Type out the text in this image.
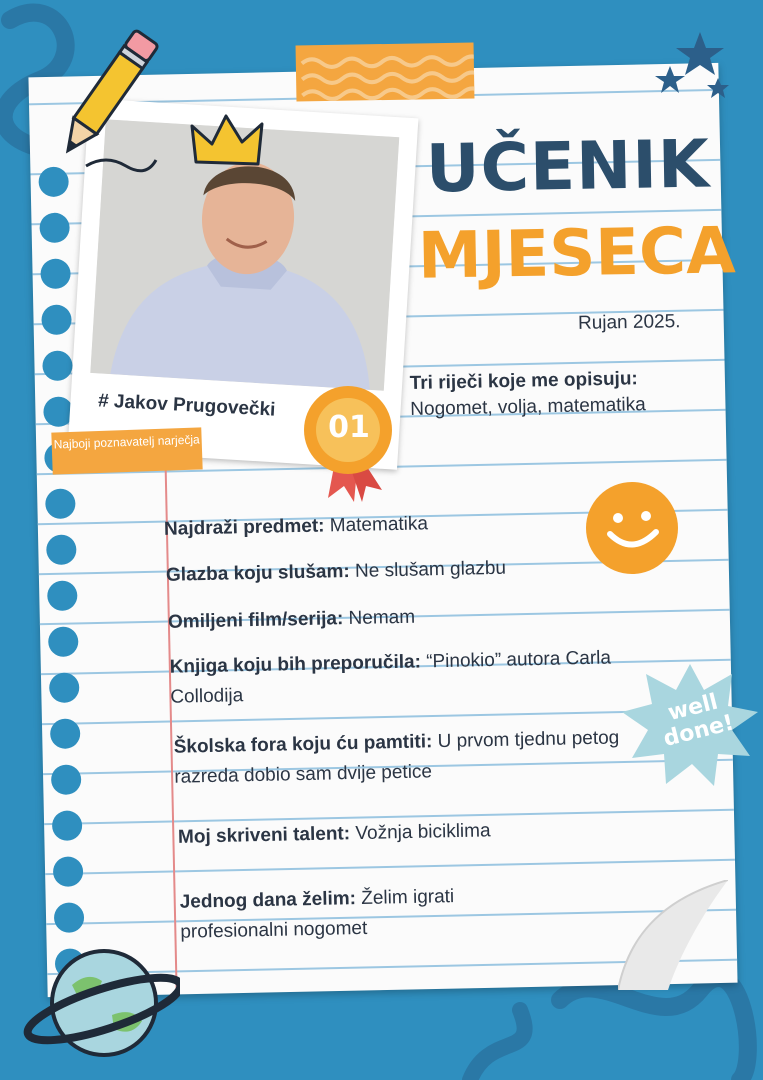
UČENIK
MJESECA
Rujan 2025.
# Jakov Prugovečki
Najboji poznavatelj narječja	01
Tri riječi koje me opisuju:
Nogomet, volja, matematika
Najdraži predmet: Matematika
Glazba koju slušam: Ne slušam glazbu
Omiljeni film/serija: Nemam
Knjiga koju bih preporučila: “Pinokio” autora Carla Collodija
Školska fora koju ću pamtiti: U prvom tjednu petog razreda dobio sam dvije petice
Moj skriveni talent: Vožnja biciklima
Jednog dana želim: Želim igrati profesionalni nogomet
well done!
